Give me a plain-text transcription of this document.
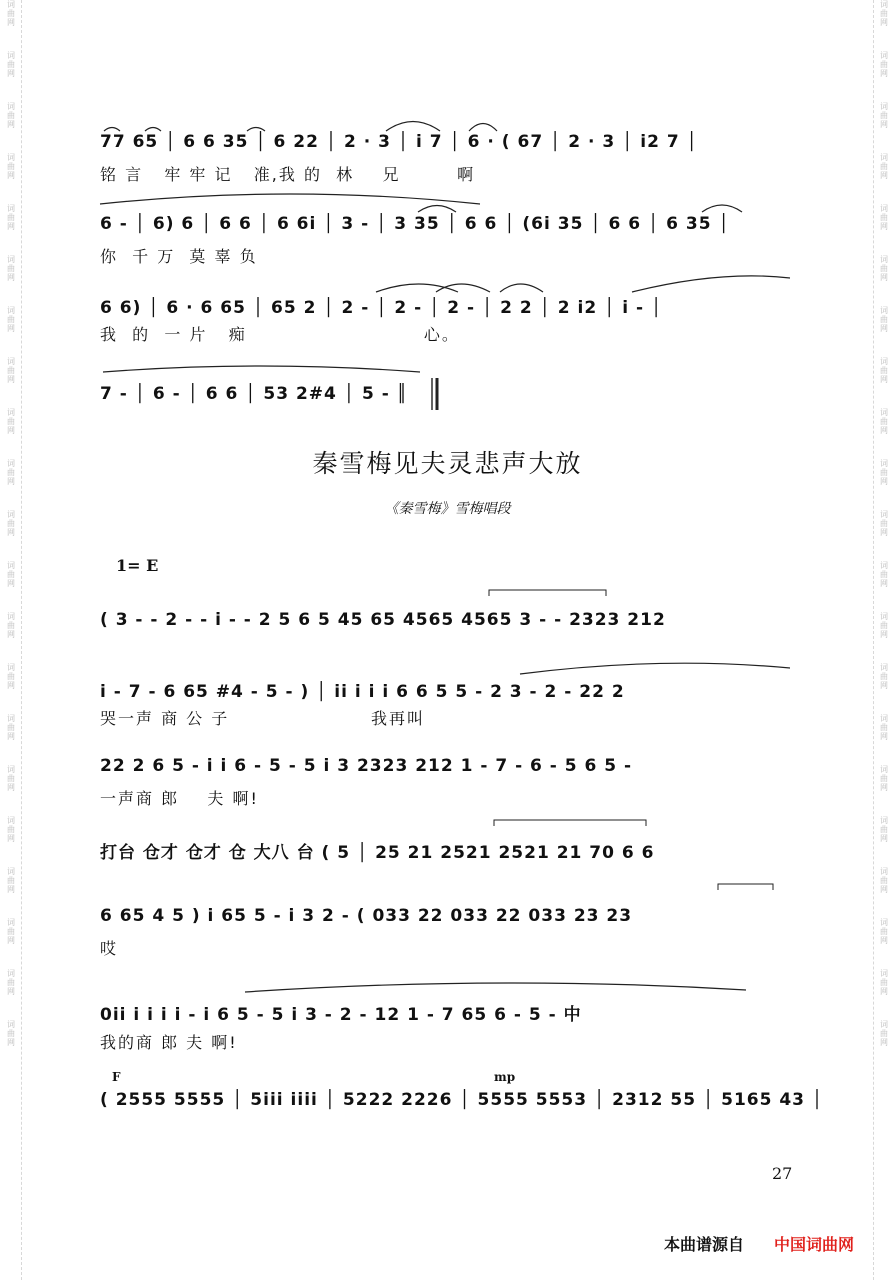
词
曲
网
词
曲
网
词
曲
网
词
曲
网
词
曲
网
词
曲
网
词
曲
网
词
曲
网
词
曲
网
词
曲
网
词
曲
网
词
曲
网
词
曲
网
词
曲
网
词
曲
网
词
曲
网
词
曲
网
词
曲
网
词
曲
网
词
曲
网
词
曲
网
词
曲
网
词
曲
网
词
曲
网
词
曲
网
词
曲
网
词
曲
网
词
曲
网
词
曲
网
词
曲
网
词
曲
网
词
曲
网
词
曲
网
词
曲
网
词
曲
网
词
曲
网
词
曲
网
词
曲
网
词
曲
网
词
曲
网
词
曲
网
词
曲
网
77 65 │ 6 6 35 │ 6 22 │ 2 · 3 │ i 7 │ 6 · ( 67 │ 2 · 3 │ i2 7 │
铭 言   牢 牢 记   准,我 的  林    兄        啊
6 - │ 6) 6 │ 6 6 │ 6 6i │ 3 - │ 3 35 │ 6 6 │ (6i 35 │ 6 6 │ 6 35 │
你  千 万  莫 辜 负
6 6) │ 6 · 6 65 │ 65 2 │ 2 - │ 2 - │ 2 - │ 2 2 │ 2 i2 │ i - │
我  的  一 片   痴                         心。
7 - │ 6 - │ 6 6 │ 53 2#4 │ 5 - ║
秦雪梅见夫灵悲声大放
《秦雪梅》雪梅唱段
1= E
( 3 - - 2 - - i - - 2 5 6 5 45 65 4565 4565 3 - - 2323 212
i - 7 - 6 65 #4 - 5 - ) │ ii i i i 6 6 5 5 - 2 3 - 2 - 22 2
哭一声 商 公 子                    我再叫
22 2 6 5 - i i 6 - 5 - 5 i 3 2323 212 1 - 7 - 6 - 5 6 5 -
一声商 郎    夫 啊!
打台 仓才 仓才 仓 大八 台 ( 5 │ 25 21 2521 2521 21 70 6 6
6 65 4 5 ) i 65 5 - i 3 2 - ( 033 22 033 22 033 23 23
哎
0ii i i i i - i 6 5 - 5 i 3 - 2 - 12 1 - 7 65 6 - 5 - 中
我的商 郎 夫 啊!
F	mp
( 2555 5555 │ 5iii iiii │ 5222 2226 │ 5555 5553 │ 2312 55 │ 5165 43 │
27
本曲谱源自 中国词曲网
